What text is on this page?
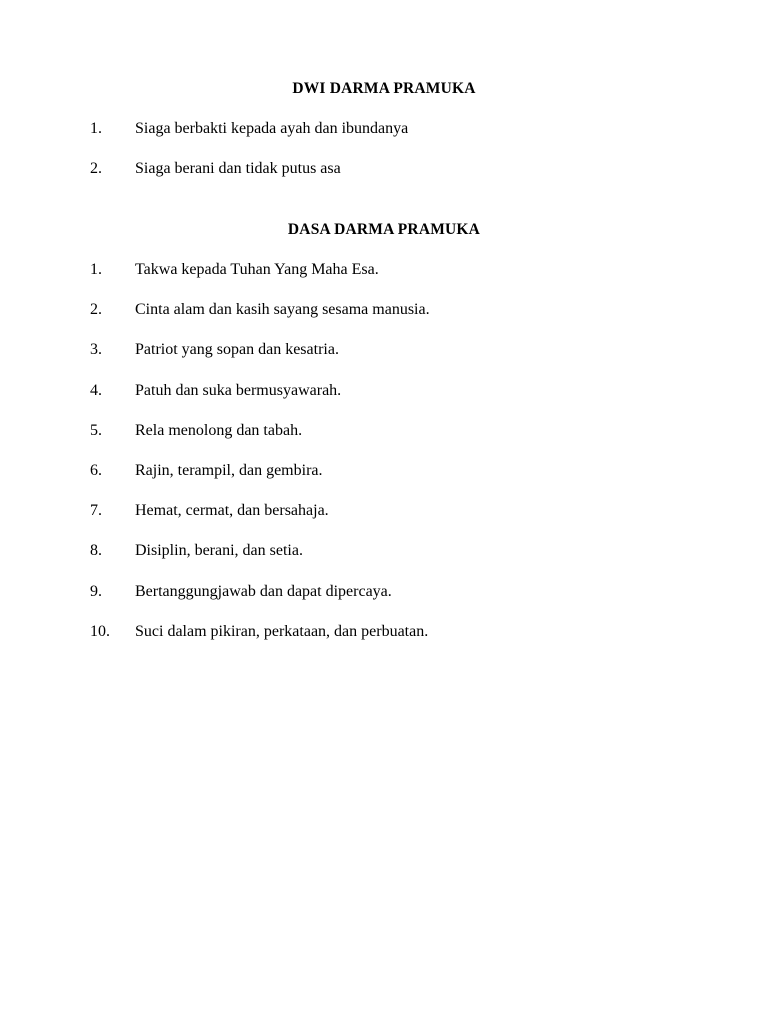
DWI DARMA PRAMUKA
1. Siaga berbakti kepada ayah dan ibundanya
2. Siaga berani dan tidak putus asa
DASA DARMA PRAMUKA
1. Takwa kepada Tuhan Yang Maha Esa.
2. Cinta alam dan kasih sayang sesama manusia.
3. Patriot yang sopan dan kesatria.
4. Patuh dan suka bermusyawarah.
5. Rela menolong dan tabah.
6. Rajin, terampil, dan gembira.
7. Hemat, cermat, dan bersahaja.
8. Disiplin, berani, dan setia.
9. Bertanggungjawab dan dapat dipercaya.
10. Suci dalam pikiran, perkataan, dan perbuatan.
